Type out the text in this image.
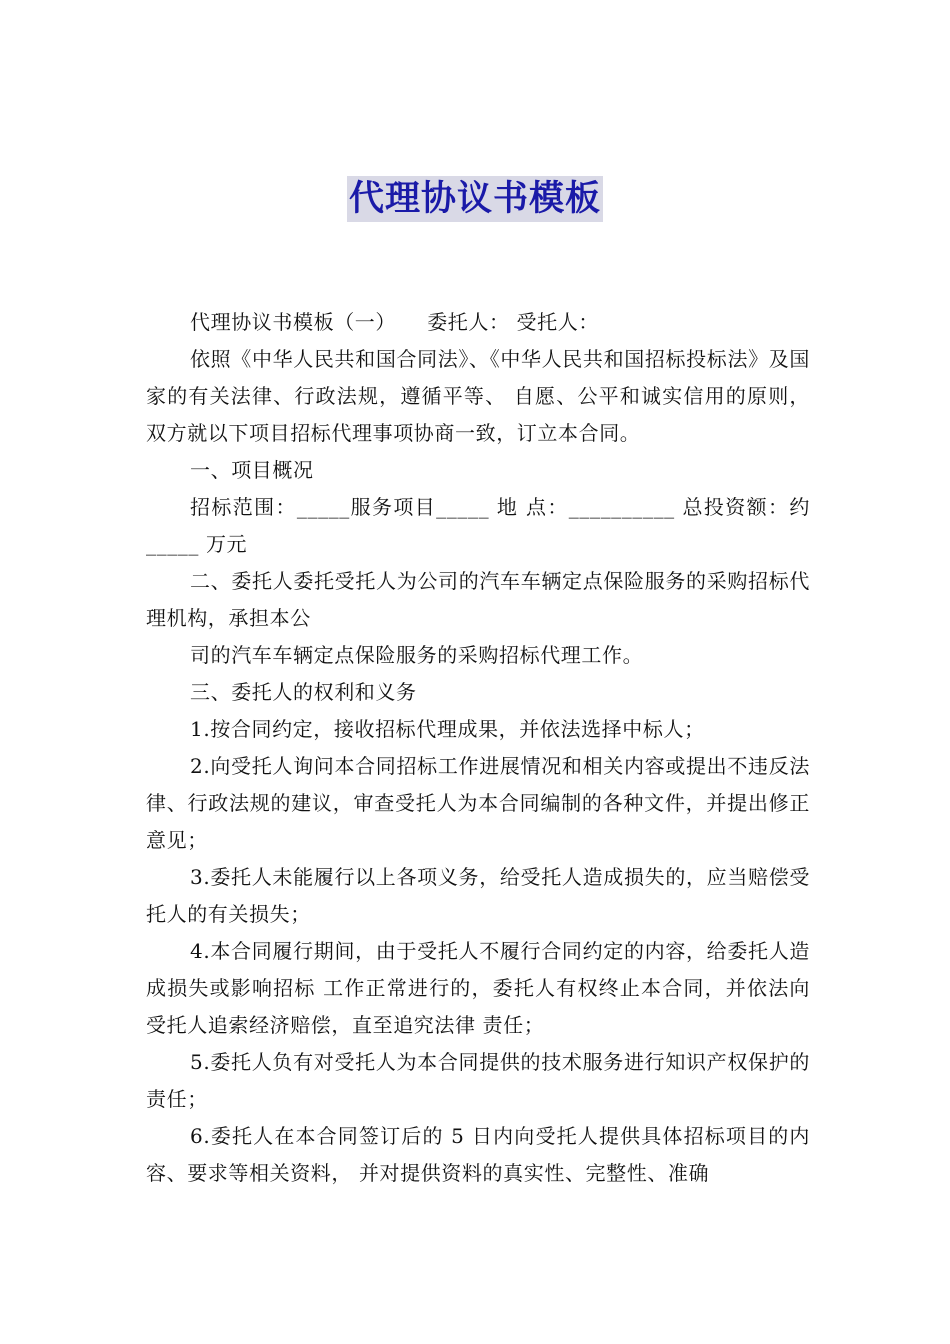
代理协议书模板

代理协议书模板（一）　　委托人： 受托人：

依照《中华人民共和国合同法》、《中华人民共和国招标投标法》及国家的有关法律、行政法规，遵循平等、 自愿、公平和诚实信用的原则，双方就以下项目招标代理事项协商一致，订立本合同。

一、项目概况

招标范围：_____服务项目_____ 地 点：__________ 总投资额：约_____ 万元

二、委托人委托受托人为公司的汽车车辆定点保险服务的采购招标代理机构，承担本公

司的汽车车辆定点保险服务的采购招标代理工作。

三、委托人的权利和义务

1.按合同约定，接收招标代理成果，并依法选择中标人；

2.向受托人询问本合同招标工作进展情况和相关内容或提出不违反法律、行政法规的建议，审查受托人为本合同编制的各种文件，并提出修正意见；

3.委托人未能履行以上各项义务，给受托人造成损失的，应当赔偿受托人的有关损失；

4.本合同履行期间，由于受托人不履行合同约定的内容，给委托人造成损失或影响招标 工作正常进行的，委托人有权终止本合同，并依法向受托人追索经济赔偿，直至追究法律 责任；

5.委托人负有对受托人为本合同提供的技术服务进行知识产权保护的责任；

6.委托人在本合同签订后的 5 日内向受托人提供具体招标项目的内容、要求等相关资料， 并对提供资料的真实性、完整性、准确
